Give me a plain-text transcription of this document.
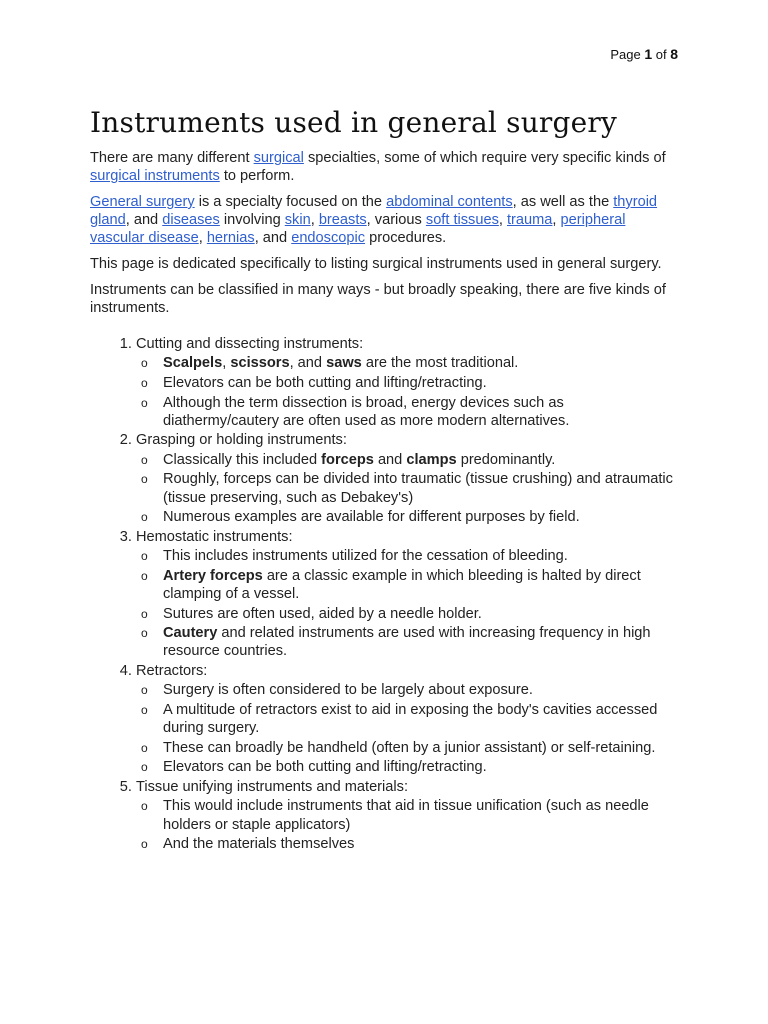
Page 1 of 8
Instruments used in general surgery

There are many different surgical specialties, some of which require very specific kinds of surgical instruments to perform.

General surgery is a specialty focused on the abdominal contents, as well as the thyroid gland, and diseases involving skin, breasts, various soft tissues, trauma, peripheral vascular disease, hernias, and endoscopic procedures.

This page is dedicated specifically to listing surgical instruments used in general surgery.

Instruments can be classified in many ways - but broadly speaking, there are five kinds of instruments.

1. Cutting and dissecting instruments:
o Scalpels, scissors, and saws are the most traditional.
o Elevators can be both cutting and lifting/retracting.
o Although the term dissection is broad, energy devices such as diathermy/cautery are often used as more modern alternatives.
2. Grasping or holding instruments:
o Classically this included forceps and clamps predominantly.
o Roughly, forceps can be divided into traumatic (tissue crushing) and atraumatic (tissue preserving, such as Debakey's)
o Numerous examples are available for different purposes by field.
3. Hemostatic instruments:
o This includes instruments utilized for the cessation of bleeding.
o Artery forceps are a classic example in which bleeding is halted by direct clamping of a vessel.
o Sutures are often used, aided by a needle holder.
o Cautery and related instruments are used with increasing frequency in high resource countries.
4. Retractors:
o Surgery is often considered to be largely about exposure.
o A multitude of retractors exist to aid in exposing the body's cavities accessed during surgery.
o These can broadly be handheld (often by a junior assistant) or self-retaining.
o Elevators can be both cutting and lifting/retracting.
5. Tissue unifying instruments and materials:
o This would include instruments that aid in tissue unification (such as needle holders or staple applicators)
o And the materials themselves
